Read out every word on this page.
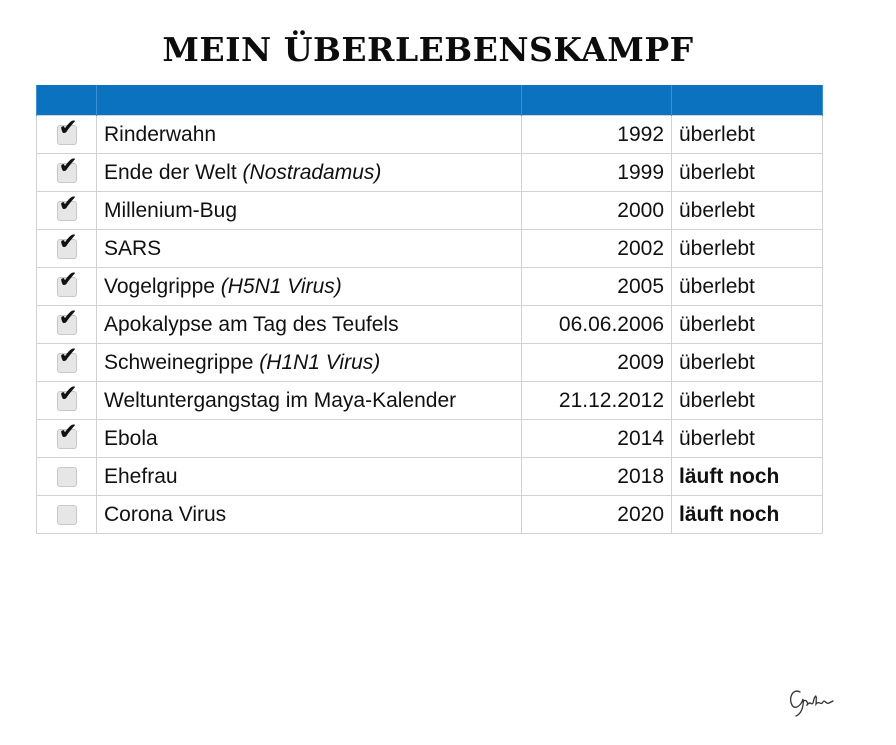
MEIN ÜBERLEBENSKAMPF

✔	Rinderwahn	1992	überlebt

✔	Ende der Welt (Nostradamus)	1999	überlebt

✔	Millenium-Bug	2000	überlebt

✔	SARS	2002	überlebt

✔	Vogelgrippe (H5N1 Virus)	2005	überlebt

✔	Apokalypse am Tag des Teufels	06.06.2006	überlebt

✔	Schweinegrippe (H1N1 Virus)	2009	überlebt

✔	Weltuntergangstag im Maya-Kalender	21.12.2012	überlebt

✔	Ebola	2014	überlebt
	Ehefrau	2018	läuft noch
	Corona Virus	2020	läuft noch
